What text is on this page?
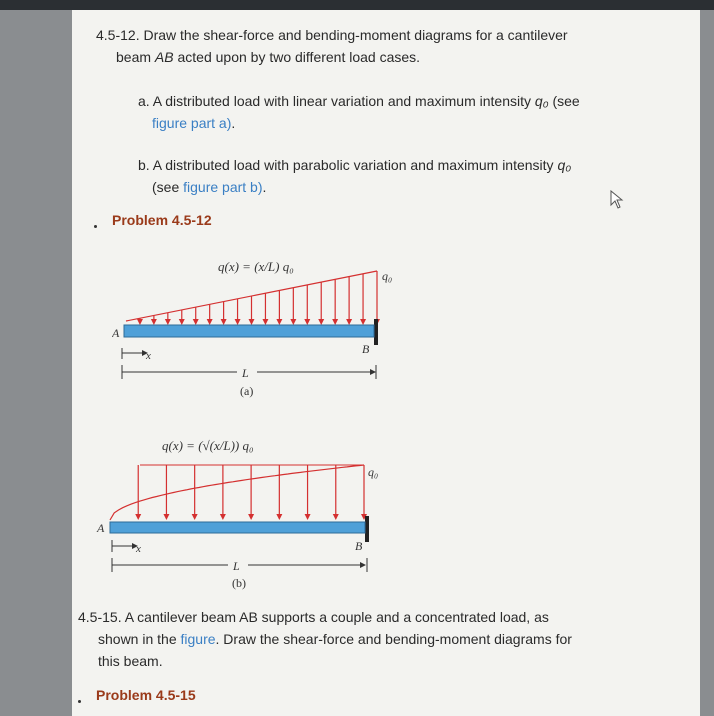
4.5-12. Draw the shear-force and bending-moment diagrams for a cantilever
beam AB acted upon by two different load cases.
a. A distributed load with linear variation and maximum intensity q₀ (see
figure part a).
b. A distributed load with parabolic variation and maximum intensity q₀
(see figure part b).
Problem 4.5-12
q(x) = (x/L) q₀
q₀
A
B
x
L
(a)
q(x) = (√(x/L)) q₀
q₀
A
B
x
L
(b)
4.5-15. A cantilever beam AB supports a couple and a concentrated load, as
shown in the figure. Draw the shear-force and bending-moment diagrams for
this beam.
Problem 4.5-15
